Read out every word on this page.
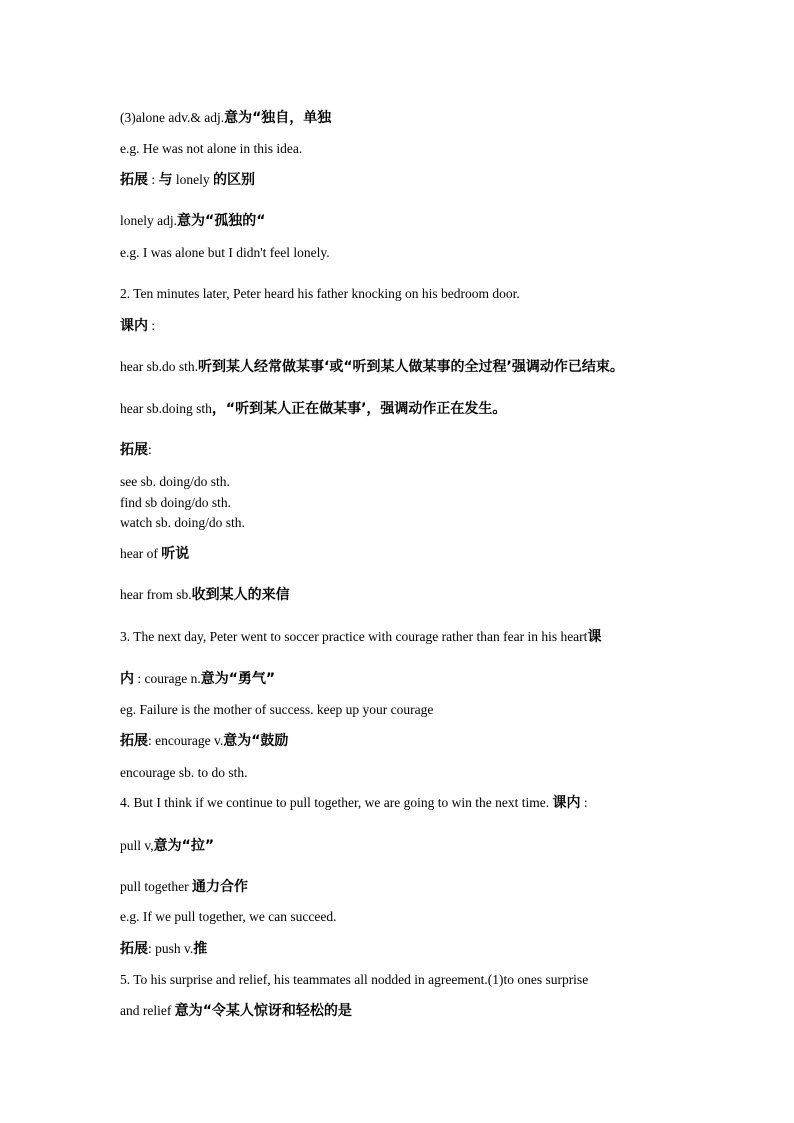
(3)alone adv.& adj.意为“独自，单独
e.g. He was not alone in this idea.
拓展 : 与 lonely 的区别
lonely adj.意为“孤独的“
e.g. I was alone but I didn't feel lonely.
2. Ten minutes later, Peter heard his father knocking on his bedroom door.
课内 :
hear sb.do sth.听到某人经常做某事‘或“听到某人做某事的全过程’强调动作已结束。
hear sb.doing sth，“听到某人正在做某事’，强调动作正在发生。
拓展:
see sb. doing/do sth.
find sb doing/do sth.
watch sb. doing/do sth.
hear of 听说
hear from sb.收到某人的来信
3. The next day, Peter went to soccer practice with courage rather than fear in his heart课
内 : courage n.意为“勇气”
eg. Failure is the mother of success. keep up your courage
拓展: encourage v.意为“鼓励
encourage sb. to do sth.
4. But I think if we continue to pull together, we are going to win the next time. 课内 :
pull v,意为“拉”
pull together 通力合作
e.g. If we pull together, we can succeed.
拓展: push v.推
5. To his surprise and relief, his teammates all nodded in agreement.(1)to ones surprise
and relief 意为“令某人惊讶和轻松的是
